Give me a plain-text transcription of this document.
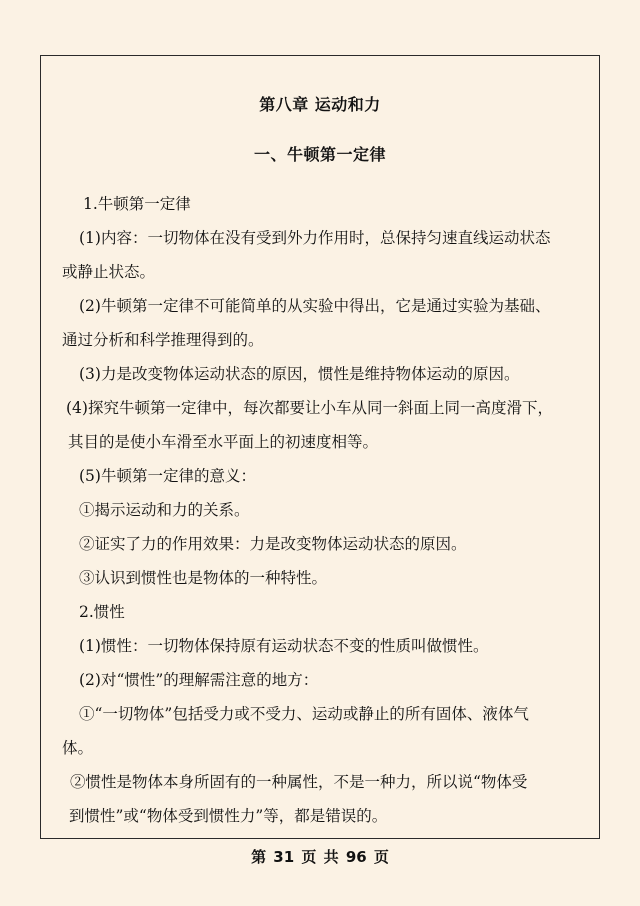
第八章 运动和力
一、牛顿第一定律
1.牛顿第一定律
(1)内容：一切物体在没有受到外力作用时，总保持匀速直线运动状态
或静止状态。
(2)牛顿第一定律不可能简单的从实验中得出，它是通过实验为基础、
通过分析和科学推理得到的。
(3)力是改变物体运动状态的原因，惯性是维持物体运动的原因。
(4)探究牛顿第一定律中，每次都要让小车从同一斜面上同一高度滑下，
其目的是使小车滑至水平面上的初速度相等。
(5)牛顿第一定律的意义：
①揭示运动和力的关系。
②证实了力的作用效果：力是改变物体运动状态的原因。
③认识到惯性也是物体的一种特性。
2.惯性
(1)惯性：一切物体保持原有运动状态不变的性质叫做惯性。
(2)对“惯性”的理解需注意的地方：
①“一切物体”包括受力或不受力、运动或静止的所有固体、液体气
体。
②惯性是物体本身所固有的一种属性，不是一种力，所以说“物体受
到惯性”或“物体受到惯性力”等，都是错误的。
第 31 页 共 96 页
